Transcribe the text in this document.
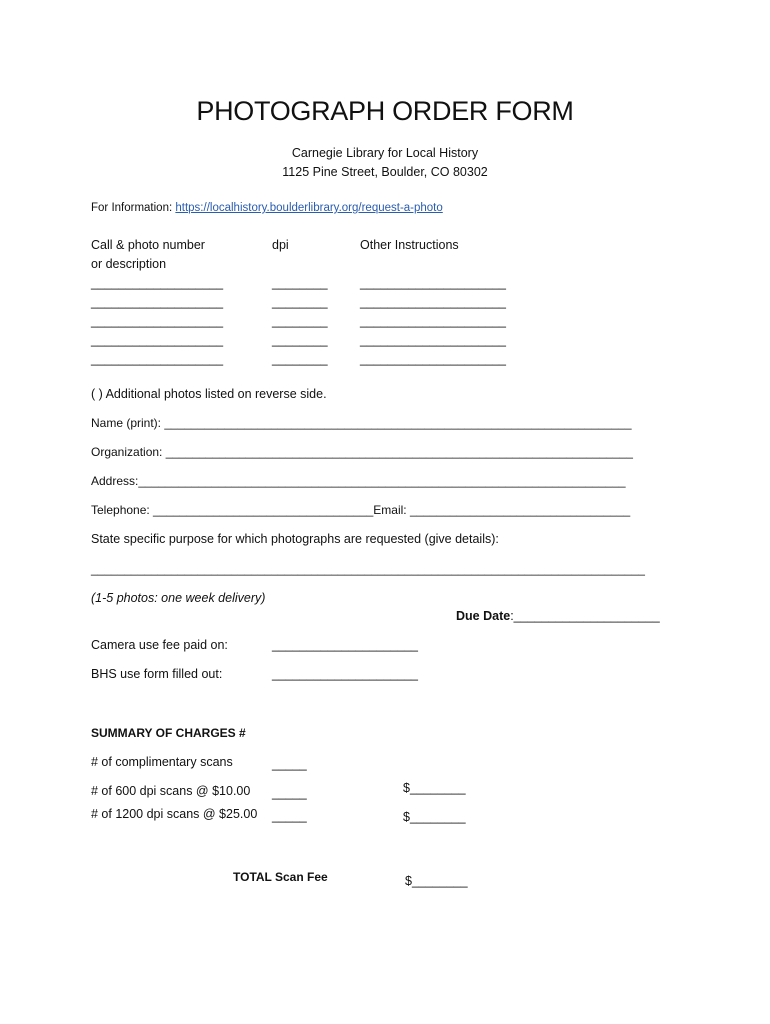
PHOTOGRAPH ORDER FORM
Carnegie Library for Local History
1125 Pine Street, Boulder, CO 80302
For Information: https://localhistory.boulderlibrary.org/request-a-photo
Call & photo number
or description
dpi	Other Instructions
___________________	________	_____________________
___________________	________	_____________________
___________________	________	_____________________
___________________	________	_____________________
___________________	________	_____________________
( ) Additional photos listed on reverse side.
Name (print): ______________________________________________________________________
Organization: ______________________________________________________________________
Address:_________________________________________________________________________
Telephone: _________________________________Email: _________________________________
State specific purpose for which photographs are requested (give details):
___________________________________________________________________________________
(1-5 photos: one week delivery)
Due Date:_____________________
Camera use fee paid on:	_____________________
BHS use form filled out:	_____________________
SUMMARY OF CHARGES #
# of complimentary scans	_____
# of 600 dpi scans @ $10.00 _____	$________
# of 1200 dpi scans @ $25.00 _____	$________
TOTAL Scan Fee	$________
